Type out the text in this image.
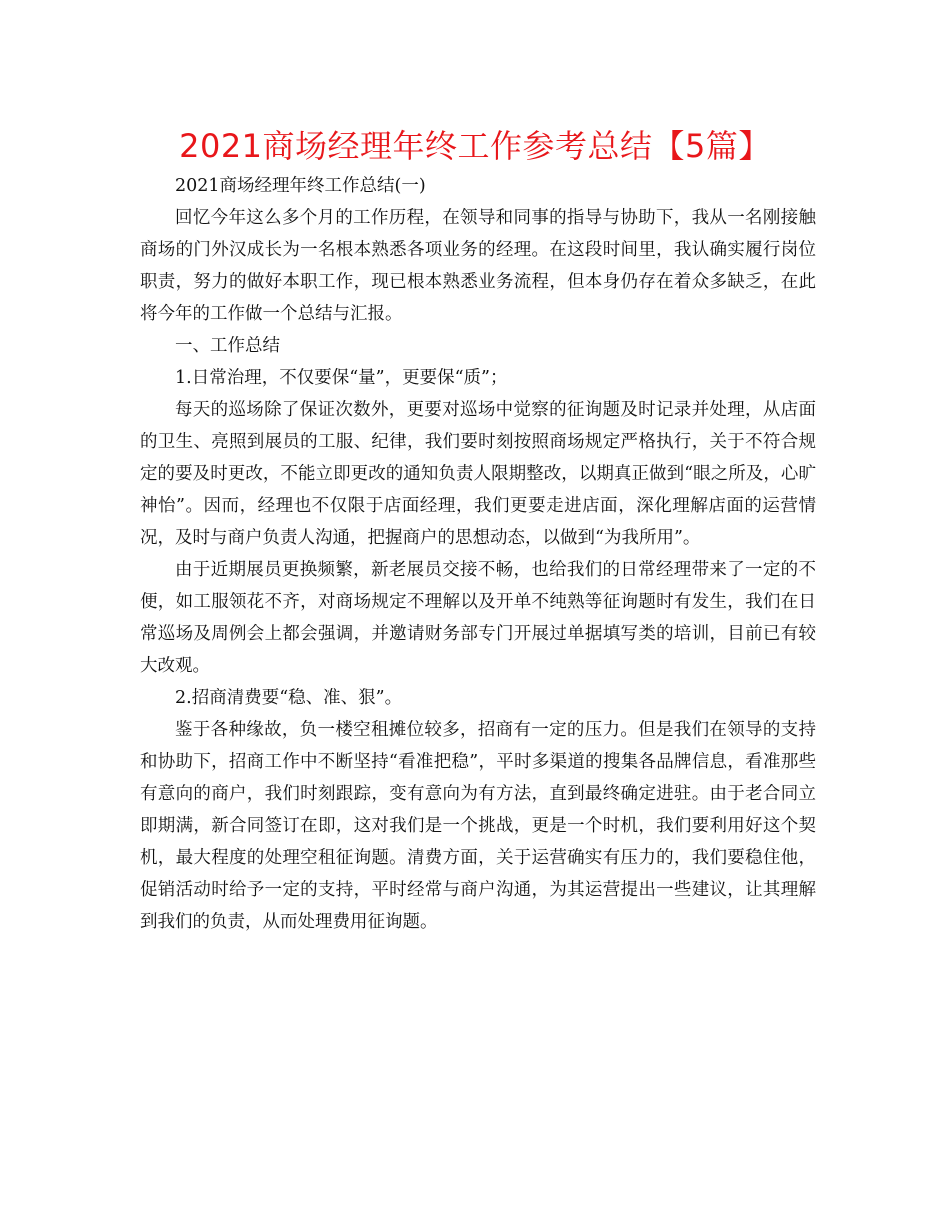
2021商场经理年终工作参考总结【5篇】

2021商场经理年终工作总结(一)

回忆今年这么多个月的工作历程，在领导和同事的指导与协助下，我从一名刚接触商场的门外汉成长为一名根本熟悉各项业务的经理。在这段时间里，我认确实履行岗位职责，努力的做好本职工作，现已根本熟悉业务流程，但本身仍存在着众多缺乏，在此将今年的工作做一个总结与汇报。

一、工作总结

1.日常治理，不仅要保“量”，更要保“质”；

每天的巡场除了保证次数外，更要对巡场中觉察的征询题及时记录并处理，从店面的卫生、亮照到展员的工服、纪律，我们要时刻按照商场规定严格执行，关于不符合规定的要及时更改，不能立即更改的通知负责人限期整改，以期真正做到“眼之所及，心旷神怡”。因而，经理也不仅限于店面经理，我们更要走进店面，深化理解店面的运营情况，及时与商户负责人沟通，把握商户的思想动态，以做到“为我所用”。

由于近期展员更换频繁，新老展员交接不畅，也给我们的日常经理带来了一定的不便，如工服领花不齐，对商场规定不理解以及开单不纯熟等征询题时有发生，我们在日常巡场及周例会上都会强调，并邀请财务部专门开展过单据填写类的培训，目前已有较大改观。

2.招商清费要“稳、准、狠”。

鉴于各种缘故，负一楼空租摊位较多，招商有一定的压力。但是我们在领导的支持和协助下，招商工作中不断坚持“看准把稳”，平时多渠道的搜集各品牌信息，看准那些有意向的商户，我们时刻跟踪，变有意向为有方法，直到最终确定进驻。由于老合同立即期满，新合同签订在即，这对我们是一个挑战，更是一个时机，我们要利用好这个契机，最大程度的处理空租征询题。清费方面，关于运营确实有压力的，我们要稳住他，促销活动时给予一定的支持，平时经常与商户沟通，为其运营提出一些建议，让其理解到我们的负责，从而处理费用征询题。
